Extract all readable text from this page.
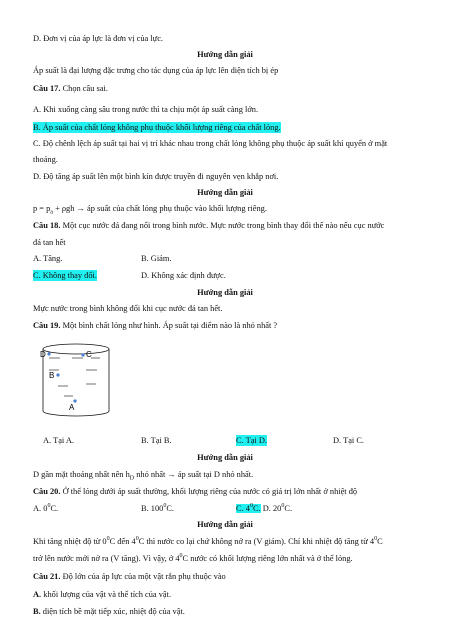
D. Đơn vị của áp lực là đơn vị của lực.
Hướng dẫn giải
Áp suất là đại lượng đặc trưng cho tác dụng của áp lực lên diện tích bị ép
Câu 17. Chọn câu sai.
A. Khi xuống càng sâu trong nước thì ta chịu một áp suất càng lớn.
B. Áp suất của chất lỏng không phụ thuộc khối lượng riêng của chất lỏng.
C. Độ chênh lệch áp suất tại hai vị trí khác nhau trong chất lỏng không phụ thuộc áp suất khí quyển ở mặt
thoáng.
D. Độ tăng áp suất lên một bình kín được truyền đi nguyên vẹn khắp nơi.
Hướng dẫn giải
$p = p_a + \rho gh$ → áp suất của chất lỏng phụ thuộc vào khối lượng riêng.
Câu 18. Một cục nước đá đang nổi trong bình nước. Mực nước trong bình thay đổi thế nào nếu cục nước
đá tan hết
A. Tăng.	B. Giảm.
C. Không thay đổi.	D. Không xác định được.
Hướng dẫn giải
Mực nước trong bình không đổi khi cục nước đá tan hết.
Câu 19. Một bình chất lỏng như hình. Áp suất tại điểm nào là nhỏ nhất ?
D	C
B
A
A. Tại A.	B. Tại B.	C. Tại D.	D. Tại C.
Hướng dẫn giải
D gần mặt thoáng nhất nên $h_D$ nhỏ nhất → áp suất tại D nhỏ nhất.
Câu 20. Ở thể lỏng dưới áp suất thường, khối lượng riêng của nước có giá trị lớn nhất ở nhiệt độ
A. $0^0C$.	B. $100^0C$.	C. $4^0C$. D. $20^0C$.
Hướng dẫn giải
Khi tăng nhiệt độ từ $0^0C$ đến $4^0C$ thì nước co lại chứ không nở ra (V giảm). Chỉ khi nhiệt độ tăng từ $4^0C$
trở lên nước mới nở ra (V tăng). Vì vậy, ở $4^0C$ nước có khối lượng riêng lớn nhất và ở thể lỏng.
Câu 21. Độ lớn của áp lực của một vật rắn phụ thuộc vào
A. khối lượng của vật và thể tích của vật.
B. diện tích bề mặt tiếp xúc, nhiệt độ của vật.
